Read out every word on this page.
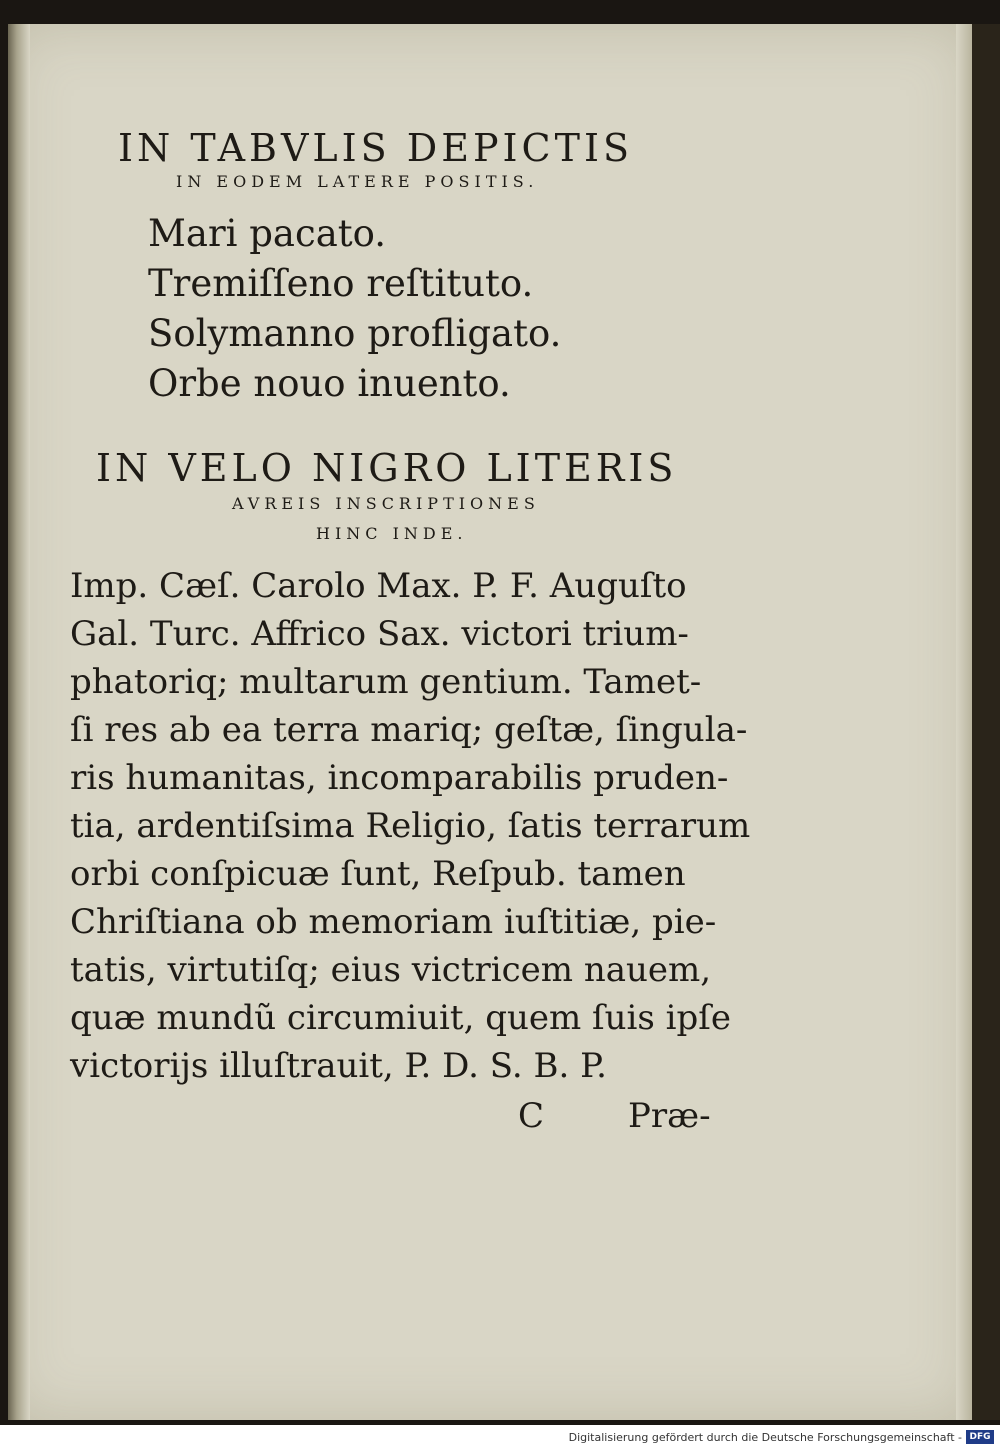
IN TABVLIS DEPICTIS
IN EODEM LATERE POSITIS.
Mari pacato.
Tremiſſeno reſtituto.
Solymanno profligato.
Orbe nouo inuento.
IN VELO NIGRO LITERIS
AVREIS INSCRIPTIONES
HINC INDE.
Imp. Cæſ. Carolo Max. P. F. Auguſto
Gal. Turc. Affrico Sax. victori trium-
phatoriq; multarum gentium. Tamet-
ſi res ab ea terra mariq; geſtæ, ſingula-
ris humanitas, incomparabilis pruden-
tia, ardentiſsima Religio, ſatis terrarum
orbi conſpicuæ ſunt, Reſpub. tamen
Chriſtiana ob memoriam iuſtitiæ, pie-
tatis, virtutiſq; eius victricem nauem,
quæ mundũ circumiuit, quem ſuis ipſe
victorijs illuſtrauit, P. D. S. B. P.
C Præ-
Digitalisierung gefördert durch die Deutsche Forschungsgemeinschaft - DFG
